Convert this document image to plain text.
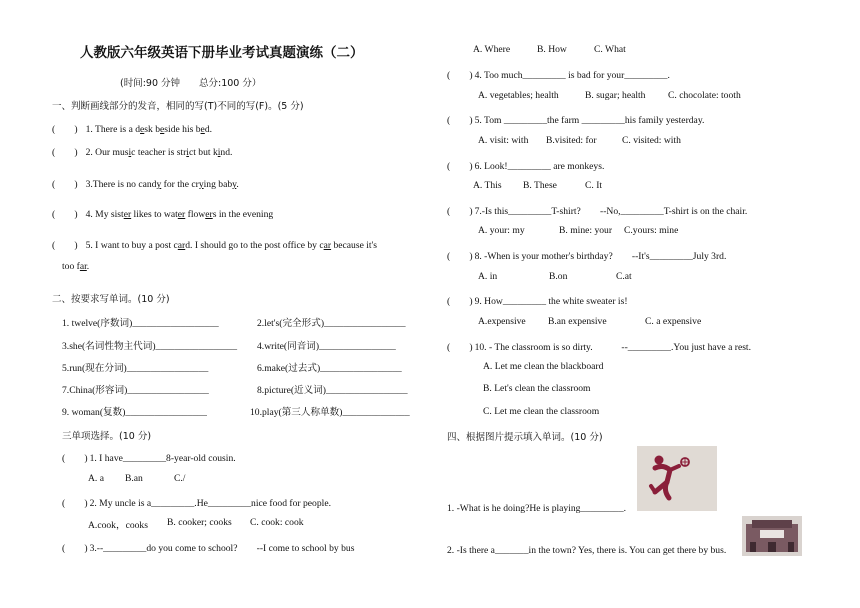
人教版六年级英语下册毕业考试真题演练（二）
(时间:90 分钟　　总分:100 分）
一、判断画线部分的发音，相同的写(T)不同的写(F)。(5 分)
(　　) 1. There is a desk beside his bed.
(　　) 2. Our music teacher is strict but kind.
(　　) 3.There is no candy for the crying baby.
(　　) 4. My sister likes to water flowers in the evening
(　　) 5. I want to buy a post card. I should go to the post office by car because it's
too far.
二、按要求写单词。(10 分)
1. twelve(序数词)__________________	2.let's(完全形式)_________________
3.she(名词性物主代词)_________________ 4.write(同音词)________________
5.run(现在分词)_________________	6.make(过去式)_________________
7.China(形容词)_________________	8.picture(近义词)_________________
9. woman(复数)_________________	10.play(第三人称单数)______________
三单项选择。(10 分)
(　　) 1. I have_________8-year-old cousin.
A. a B.an	C./
(　　) 2. My uncle is a_________.He_________nice food for people.
A.cook，cooks B. cooker; cooks C. cook: cook
(　　) 3.--_________do you come to school?　　--I come to school by bus
A. Where	B. How	C. What
(　　) 4. Too much_________ is bad for your_________.
A. vegetables; health	B. sugar; health C. chocolate: tooth
(　　) 5. Tom _________the farm _________his family yesterday.
A. visit: with B.visited: for	C. visited: with
(　　) 6. Look!_________ are monkeys.
A. This B. These	C. It
(　　) 7.-Is this_________T-shirt?　　--No,_________T-shirt is on the chair.
A. your: my	B. mine: your C.yours: mine
(　　) 8. -When is your mother's birthday?　　--It's_________July 3rd.
A. in	B.on	C.at
(　　) 9. How_________ the white sweater is!
A.expensive B.an expensive	C. a expensive
(　　) 10. - The classroom is so dirty.　　　--_________.You just have a rest.
A. Let me clean the blackboard
B. Let's clean the classroom
C. Let me clean the classroom
四、根据图片提示填入单词。(10 分)
1. -What is he doing?He is playing_________.
2. -Is there a_______in the town? Yes, there is. You can get there by bus.
